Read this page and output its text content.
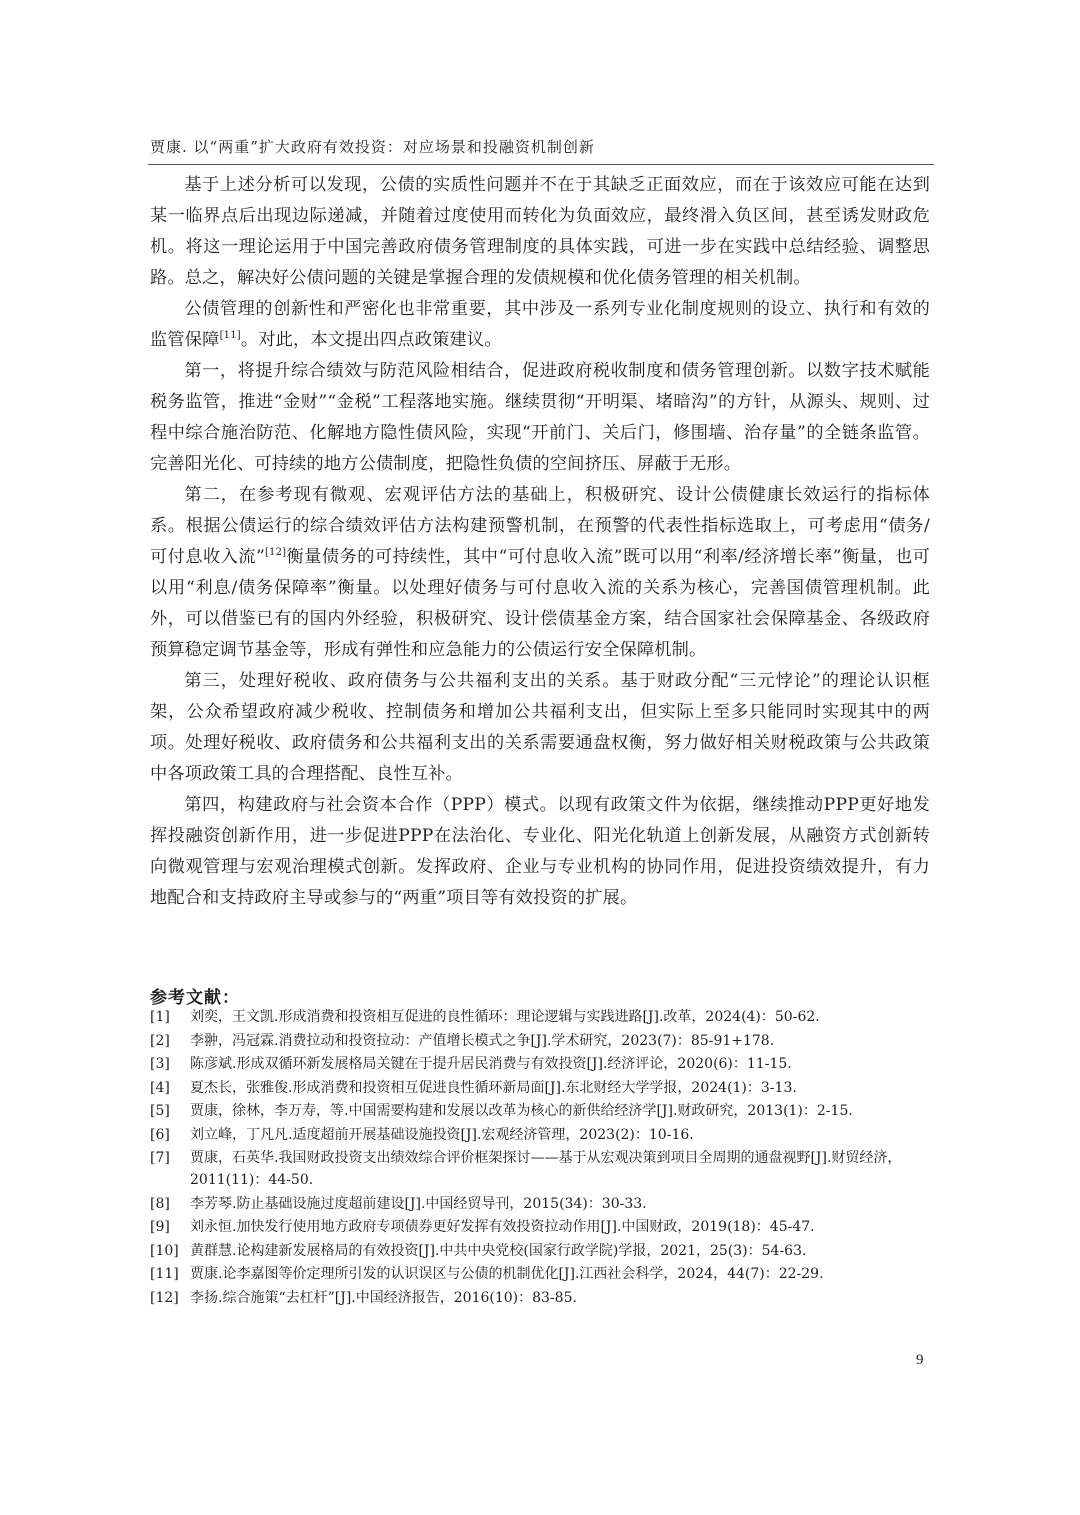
贾康. 以“两重”扩大政府有效投资：对应场景和投融资机制创新

基于上述分析可以发现，公债的实质性问题并不在于其缺乏正面效应，而在于该效应可能在达到某一临界点后出现边际递减，并随着过度使用而转化为负面效应，最终滑入负区间，甚至诱发财政危机。将这一理论运用于中国完善政府债务管理制度的具体实践，可进一步在实践中总结经验、调整思路。总之，解决好公债问题的关键是掌握合理的发债规模和优化债务管理的相关机制。

公债管理的创新性和严密化也非常重要，其中涉及一系列专业化制度规则的设立、执行和有效的监管保障[11]。对此，本文提出四点政策建议。

第一，将提升综合绩效与防范风险相结合，促进政府税收制度和债务管理创新。以数字技术赋能税务监管，推进“金财”“金税”工程落地实施。继续贯彻“开明渠、堵暗沟”的方针，从源头、规则、过程中综合施治防范、化解地方隐性债风险，实现“开前门、关后门，修围墙、治存量”的全链条监管。完善阳光化、可持续的地方公债制度，把隐性负债的空间挤压、屏蔽于无形。

第二，在参考现有微观、宏观评估方法的基础上，积极研究、设计公债健康长效运行的指标体系。根据公债运行的综合绩效评估方法构建预警机制，在预警的代表性指标选取上，可考虑用“债务/可付息收入流”[12]衡量债务的可持续性，其中“可付息收入流”既可以用“利率/经济增长率”衡量，也可以用“利息/债务保障率”衡量。以处理好债务与可付息收入流的关系为核心，完善国债管理机制。此外，可以借鉴已有的国内外经验，积极研究、设计偿债基金方案，结合国家社会保障基金、各级政府预算稳定调节基金等，形成有弹性和应急能力的公债运行安全保障机制。

第三，处理好税收、政府债务与公共福利支出的关系。基于财政分配“三元悖论”的理论认识框架，公众希望政府减少税收、控制债务和增加公共福利支出，但实际上至多只能同时实现其中的两项。处理好税收、政府债务和公共福利支出的关系需要通盘权衡，努力做好相关财税政策与公共政策中各项政策工具的合理搭配、良性互补。

第四，构建政府与社会资本合作（PPP）模式。以现有政策文件为依据，继续推动PPP更好地发挥投融资创新作用，进一步促进PPP在法治化、专业化、阳光化轨道上创新发展，从融资方式创新转向微观管理与宏观治理模式创新。发挥政府、企业与专业机构的协同作用，促进投资绩效提升，有力地配合和支持政府主导或参与的“两重”项目等有效投资的扩展。

参考文献：
[1]	刘奕，王文凯.形成消费和投资相互促进的良性循环：理论逻辑与实践进路[J].改革，2024(4)：50-62.
[2]	李翀，冯冠霖.消费拉动和投资拉动：产值增长模式之争[J].学术研究，2023(7)：85-91+178.
[3]	陈彦斌.形成双循环新发展格局关键在于提升居民消费与有效投资[J].经济评论，2020(6)：11-15.
[4]	夏杰长，张雅俊.形成消费和投资相互促进良性循环新局面[J].东北财经大学学报，2024(1)：3-13.
[5]	贾康，徐林，李万寿，等.中国需要构建和发展以改革为核心的新供给经济学[J].财政研究，2013(1)：2-15.
[6]	刘立峰，丁凡凡.适度超前开展基础设施投资[J].宏观经济管理，2023(2)：10-16.
[7]	贾康，石英华.我国财政投资支出绩效综合评价框架探讨——基于从宏观决策到项目全周期的通盘视野[J].财贸经济，2011(11)：44-50.
[8]	李芳琴.防止基础设施过度超前建设[J].中国经贸导刊，2015(34)：30-33.
[9]	刘永恒.加快发行使用地方政府专项债券更好发挥有效投资拉动作用[J].中国财政，2019(18)：45-47.
[10] 黄群慧.论构建新发展格局的有效投资[J].中共中央党校(国家行政学院)学报，2021，25(3)：54-63.
[11] 贾康.论李嘉图等价定理所引发的认识误区与公债的机制优化[J].江西社会科学，2024，44(7)：22-29.
[12] 李扬.综合施策“去杠杆”[J].中国经济报告，2016(10)：83-85.
9
